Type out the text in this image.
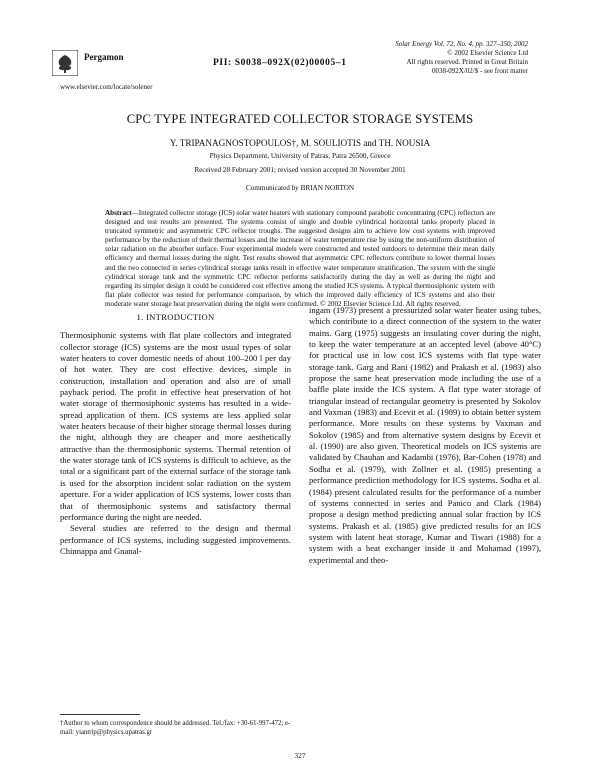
Pergamon
PII: S0038–092X(02)00005–1
Solar Energy Vol. 72, No. 4, pp. 327–350, 2002
© 2002 Elsevier Science Ltd
All rights reserved. Printed in Great Britain
0038-092X/02/$ - see front matter
www.elsevier.com/locate/solener
CPC TYPE INTEGRATED COLLECTOR STORAGE SYSTEMS
Y. TRIPANAGNOSTOPOULOS†, M. SOULIOTIS and TH. NOUSIA
Physics Department, University of Patras, Patra 26500, Greece
Received 28 February 2001; revised version accepted 30 November 2001
Communicated by BRIAN NORTON
Abstract—Integrated collector storage (ICS) solar water heaters with stationary compound parabolic concentrating (CPC) reflectors are designed and test results are presented. The systems consist of single and double cylindrical horizontal tanks properly placed in truncated symmetric and asymmetric CPC reflector troughs. The suggested designs aim to achieve low cost systems with improved performance by the reduction of their thermal losses and the increase of water temperature rise by using the non-uniform distribution of solar radiation on the absorber surface. Four experimental models were constructed and tested outdoors to determine their mean daily efficiency and thermal losses during the night. Test results showed that asymmetric CPC reflectors contribute to lower thermal losses and the two connected in series cylindrical storage tanks result in effective water temperature stratification. The system with the single cylindrical storage tank and the symmetric CPC reflector performs satisfactorily during the day as well as during the night and regarding its simpler design it could be considered cost effective among the studied ICS systems. A typical thermosiphonic system with flat plate collector was tested for performance comparison, by which the improved daily efficiency of ICS systems and also their moderate water storage heat preservation during the night were confirmed. © 2002 Elsevier Science Ltd. All rights reserved.
1. INTRODUCTION

Thermosiphonic systems with flat plate collectors and integrated collector storage (ICS) systems are the most usual types of solar water heaters to cover domestic needs of about 100–200 l per day of hot water. They are cost effective devices, simple in construction, installation and operation and also are of small payback period. The profit in effective heat preservation of hot water storage of thermosiphonic systems has resulted in a wide-spread application of them. ICS systems are less applied solar water heaters because of their higher storage thermal losses during the night, although they are cheaper and more aesthetically attractive than the thermosiphonic systems. Thermal retention of the water storage tank of ICS systems is difficult to achieve, as the total or a significant part of the external surface of the storage tank is used for the absorption incident solar radiation on the system aperture. For a wider application of ICS systems, lower costs than that of thermosiphonic systems and satisfactory thermal performance during the night are needed.

Several studies are referred to the design and thermal performance of ICS systems, including suggested improvements. Chinnappa and Gnanal-

ingam (1973) present a pressurized solar water heater using tubes, which contribute to a direct connection of the system to the water mains. Garg (1975) suggests an insulating cover during the night, to keep the water temperature at an accepted level (above 40°C) for practical use in low cost ICS systems with flat type water storage tank. Garg and Rani (1982) and Prakash et al. (1983) also propose the same heat preservation mode including the use of a baffle plate inside the ICS system. A flat type water storage of triangular instead of rectangular geometry is presented by Sokolov and Vaxman (1983) and Ecevit et al. (1989) to obtain better system performance. More results on these systems by Vaxman and Sokolov (1985) and from alternative system designs by Ecevit et al. (1990) are also given. Theoretical models on ICS systems are validated by Chauhan and Kadambi (1976), Bar-Cohen (1978) and Sodha et al. (1979), with Zollner et al. (1985) presenting a performance prediction methodology for ICS systems. Sodha et al. (1984) present calculated results for the performance of a number of systems connected in series and Panico and Clark (1984) propose a design method predicting annual solar fraction by ICS systems. Prakash et al. (1985) give predicted results for an ICS system with latent heat storage, Kumar and Tiwari (1988) for a system with a heat exchanger inside it and Mohamad (1997), experimental and theo-

†Author to whom correspondence should be addressed. Tel./fax: +30-61-997-472; e-mail: yiantrip@physics.upatras.gr
327
